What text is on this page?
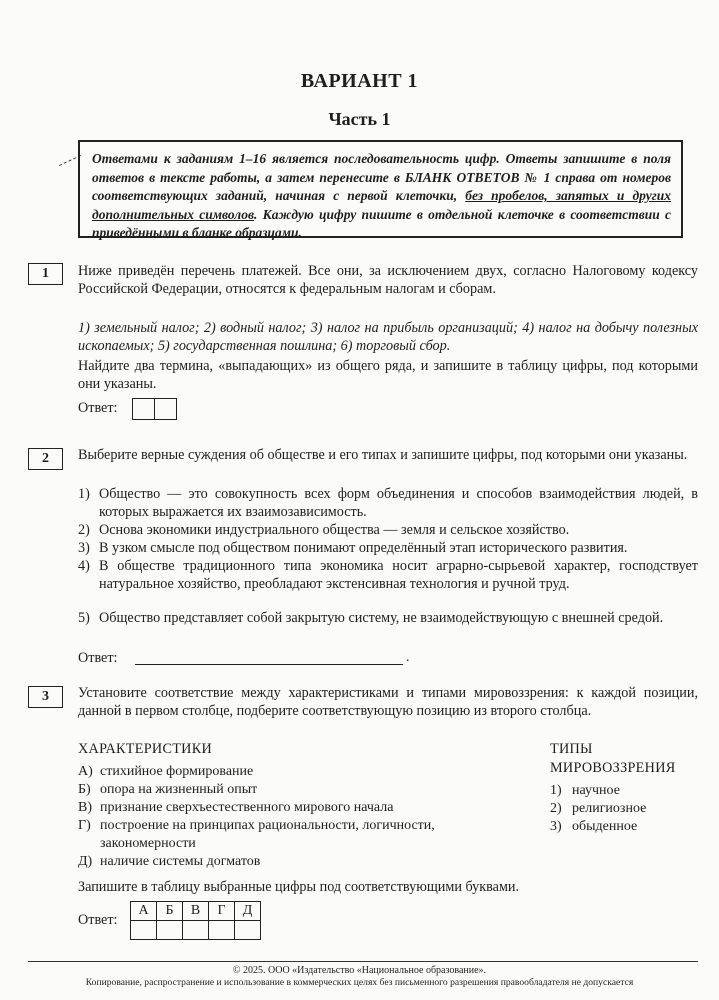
ВАРИАНТ 1
Часть 1
Ответами к заданиям 1–16 является последовательность цифр. Ответы запишите в поля ответов в тексте работы, а затем перенесите в БЛАНК ОТВЕТОВ № 1 справа от номеров соответствующих заданий, начиная с первой клеточки, без пробелов, запятых и других дополнительных символов. Каждую цифру пишите в отдельной клеточке в соответствии с приведёнными в бланке образцами.
1	Ниже приведён перечень платежей. Все они, за исключением двух, согласно Налоговому кодексу Российской Федерации, относятся к федеральным налогам и сборам.
1) земельный налог; 2) водный налог; 3) налог на прибыль организаций; 4) налог на добычу полезных ископаемых; 5) государственная пошлина; 6) торговый сбор.
Найдите два термина, «выпадающих» из общего ряда, и запишите в таблицу цифры, под которыми они указаны.
Ответ:
2	Выберите верные суждения об обществе и его типах и запишите цифры, под которыми они указаны.
1) Общество — это совокупность всех форм объединения и способов взаимодействия людей, в которых выражается их взаимозависимость.
2) Основа экономики индустриального общества — земля и сельское хозяйство.
3) В узком смысле под обществом понимают определённый этап исторического развития.
4) В обществе традиционного типа экономика носит аграрно-сырьевой характер, господствует натуральное хозяйство, преобладают экстенсивная технология и ручной труд.
5) Общество представляет собой закрытую систему, не взаимодействующую с внешней средой.
Ответ:	.
3	Установите соответствие между характеристиками и типами мировоззрения: к каждой позиции, данной в первом столбце, подберите соответствующую позицию из второго столбца.
ХАРАКТЕРИСТИКИ
А) стихийное формирование
Б) опора на жизненный опыт
В) признание сверхъестественного мирового начала
Г) построение на принципах рациональности, логичности, закономерности
Д) наличие системы догматов
ТИПЫ
МИРОВОЗЗРЕНИЯ
1) научное
2) религиозное
3) обыденное
Запишите в таблицу выбранные цифры под соответствующими буквами.
Ответ:
А	Б	В	Г	Д

© 2025. ООО «Издательство «Национальное образование».
Копирование, распространение и использование в коммерческих целях без письменного разрешения правообладателя не допускается
